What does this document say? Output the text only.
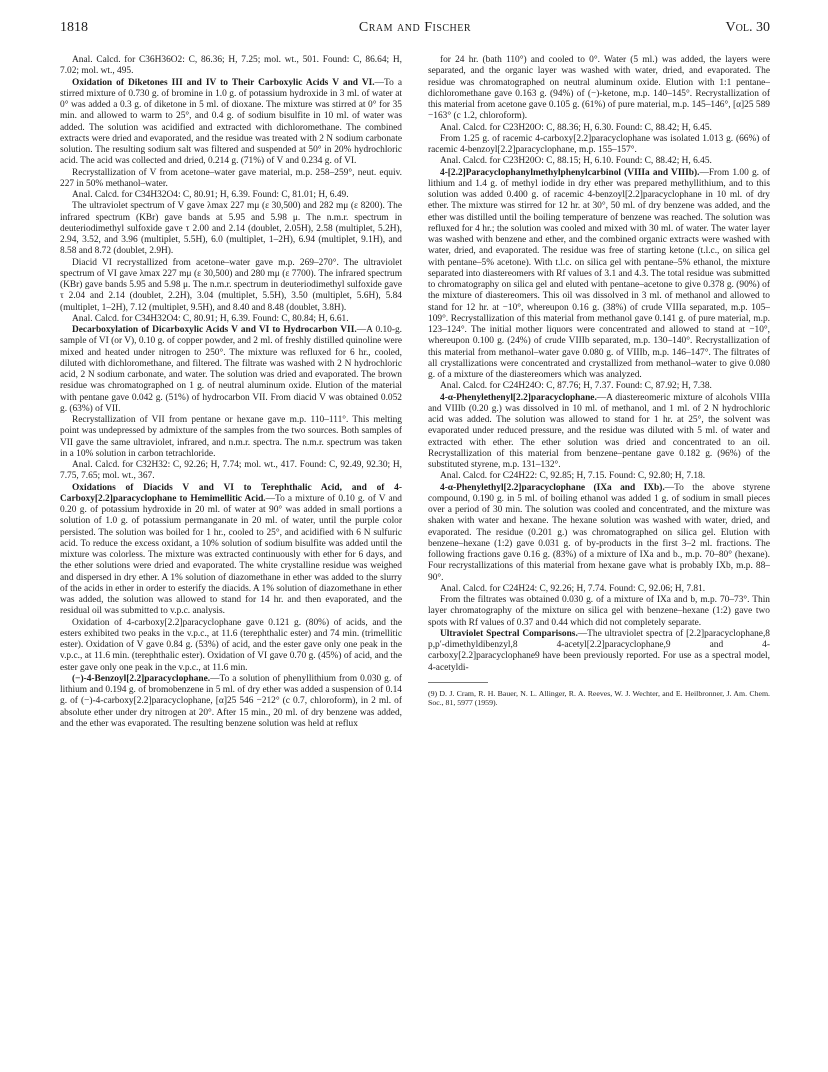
1818	Cram and Fischer	Vol. 30

Anal. Calcd. for C36H36O2: C, 86.36; H, 7.25; mol. wt., 501. Found: C, 86.64; H, 7.02; mol. wt., 495.

Oxidation of Diketones III and IV to Their Carboxylic Acids V and VI.—To a stirred mixture of 0.730 g. of bromine in 1.0 g. of potassium hydroxide in 3 ml. of water at 0° was added a 0.3 g. of diketone in 5 ml. of dioxane. The mixture was stirred at 0° for 35 min. and allowed to warm to 25°, and 0.4 g. of sodium bisulfite in 10 ml. of water was added. The solution was acidified and extracted with dichloromethane. The combined extracts were dried and evaporated, and the residue was treated with 2 N sodium carbonate solution. The resulting sodium salt was filtered and suspended at 50° in 20% hydrochloric acid. The acid was collected and dried, 0.214 g. (71%) of V and 0.234 g. of VI.

Recrystallization of V from acetone–water gave material, m.p. 258–259°, neut. equiv. 227 in 50% methanol–water.

Anal. Calcd. for C34H32O4: C, 80.91; H, 6.39. Found: C, 81.01; H, 6.49.

The ultraviolet spectrum of V gave λmax 227 mμ (ε 30,500) and 282 mμ (ε 8200). The infrared spectrum (KBr) gave bands at 5.95 and 5.98 μ. The n.m.r. spectrum in deuteriodimethyl sulfoxide gave τ 2.00 and 2.14 (doublet, 2.05H), 2.58 (multiplet, 5.2H), 2.94, 3.52, and 3.96 (multiplet, 5.5H), 6.0 (multiplet, 1–2H), 6.94 (multiplet, 9.1H), and 8.58 and 8.72 (doublet, 2.9H).

Diacid VI recrystallized from acetone–water gave m.p. 269–270°. The ultraviolet spectrum of VI gave λmax 227 mμ (ε 30,500) and 280 mμ (ε 7700). The infrared spectrum (KBr) gave bands 5.95 and 5.98 μ. The n.m.r. spectrum in deuteriodimethyl sulfoxide gave τ 2.04 and 2.14 (doublet, 2.2H), 3.04 (multiplet, 5.5H), 3.50 (multiplet, 5.6H), 5.84 (multiplet, 1–2H), 7.12 (multiplet, 9.5H), and 8.40 and 8.48 (doublet, 3.8H).

Anal. Calcd. for C34H32O4: C, 80.91; H, 6.39. Found: C, 80.84; H, 6.61.

Decarboxylation of Dicarboxylic Acids V and VI to Hydrocarbon VII.—A 0.10-g. sample of VI (or V), 0.10 g. of copper powder, and 2 ml. of freshly distilled quinoline were mixed and heated under nitrogen to 250°. The mixture was refluxed for 6 hr., cooled, diluted with dichloromethane, and filtered. The filtrate was washed with 2 N hydrochloric acid, 2 N sodium carbonate, and water. The solution was dried and evaporated. The brown residue was chromatographed on 1 g. of neutral aluminum oxide. Elution of the material with pentane gave 0.042 g. (51%) of hydrocarbon VII. From diacid V was obtained 0.052 g. (63%) of VII.

Recrystallization of VII from pentane or hexane gave m.p. 110–111°. This melting point was undepressed by admixture of the samples from the two sources. Both samples of VII gave the same ultraviolet, infrared, and n.m.r. spectra. The n.m.r. spectrum was taken in a 10% solution in carbon tetrachloride.

Anal. Calcd. for C32H32: C, 92.26; H, 7.74; mol. wt., 417. Found: C, 92.49, 92.30; H, 7.75, 7.65; mol. wt., 367.

Oxidations of Diacids V and VI to Terephthalic Acid, and of 4-Carboxy[2.2]paracyclophane to Hemimellitic Acid.—To a mixture of 0.10 g. of V and 0.20 g. of potassium hydroxide in 20 ml. of water at 90° was added in small portions a solution of 1.0 g. of potassium permanganate in 20 ml. of water, until the purple color persisted. The solution was boiled for 1 hr., cooled to 25°, and acidified with 6 N sulfuric acid. To reduce the excess oxidant, a 10% solution of sodium bisulfite was added until the mixture was colorless. The mixture was extracted continuously with ether for 6 days, and the ether solutions were dried and evaporated. The white crystalline residue was weighed and dispersed in dry ether. A 1% solution of diazomethane in ether was added to the slurry of the acids in ether in order to esterify the diacids. A 1% solution of diazomethane in ether was added, the solution was allowed to stand for 14 hr. and then evaporated, and the residual oil was submitted to v.p.c. analysis.

Oxidation of 4-carboxy[2.2]paracyclophane gave 0.121 g. (80%) of acids, and the esters exhibited two peaks in the v.p.c., at 11.6 (terephthalic ester) and 74 min. (trimellitic ester). Oxidation of V gave 0.84 g. (53%) of acid, and the ester gave only one peak in the v.p.c., at 11.6 min. (terephthalic ester). Oxidation of VI gave 0.70 g. (45%) of acid, and the ester gave only one peak in the v.p.c., at 11.6 min.

(−)-4-Benzoyl[2.2]paracyclophane.—To a solution of phenyllithium from 0.030 g. of lithium and 0.194 g. of bromobenzene in 5 ml. of dry ether was added a suspension of 0.14 g. of (−)-4-carboxy[2.2]paracyclophane, [α]25 546 −212° (c 0.7, chloroform), in 2 ml. of absolute ether under dry nitrogen at 20°. After 15 min., 20 ml. of dry benzene was added, and the ether was evaporated. The resulting benzene solution was held at reflux

for 24 hr. (bath 110°) and cooled to 0°. Water (5 ml.) was added, the layers were separated, and the organic layer was washed with water, dried, and evaporated. The residue was chromatographed on neutral aluminum oxide. Elution with 1:1 pentane–dichloromethane gave 0.163 g. (94%) of (−)-ketone, m.p. 140–145°. Recrystallization of this material from acetone gave 0.105 g. (61%) of pure material, m.p. 145–146°, [α]25 589 −163° (c 1.2, chloroform).

Anal. Calcd. for C23H20O: C, 88.36; H, 6.30. Found: C, 88.42; H, 6.45.

From 1.25 g. of racemic 4-carboxy[2.2]paracyclophane was isolated 1.013 g. (66%) of racemic 4-benzoyl[2.2]paracyclophane, m.p. 155–157°.

Anal. Calcd. for C23H20O: C, 88.15; H, 6.10. Found: C, 88.42; H, 6.45.

4-[2.2]Paracyclophanylmethylphenylcarbinol (VIIIa and VIIIb).—From 1.00 g. of lithium and 1.4 g. of methyl iodide in dry ether was prepared methyllithium, and to this solution was added 0.400 g. of racemic 4-benzoyl[2.2]paracyclophane in 10 ml. of dry ether. The mixture was stirred for 12 hr. at 30°, 50 ml. of dry benzene was added, and the ether was distilled until the boiling temperature of benzene was reached. The solution was refluxed for 4 hr.; the solution was cooled and mixed with 30 ml. of water. The water layer was washed with benzene and ether, and the combined organic extracts were washed with water, dried, and evaporated. The residue was free of starting ketone (t.l.c., on silica gel with pentane–5% acetone). With t.l.c. on silica gel with pentane–5% ethanol, the mixture separated into diastereomers with Rf values of 3.1 and 4.3. The total residue was submitted to chromatography on silica gel and eluted with pentane–acetone to give 0.378 g. (90%) of the mixture of diastereomers. This oil was dissolved in 3 ml. of methanol and allowed to stand for 12 hr. at −10°, whereupon 0.16 g. (38%) of crude VIIIa separated, m.p. 105–109°. Recrystallization of this material from methanol gave 0.141 g. of pure material, m.p. 123–124°. The initial mother liquors were concentrated and allowed to stand at −10°, whereupon 0.100 g. (24%) of crude VIIIb separated, m.p. 130–140°. Recrystallization of this material from methanol–water gave 0.080 g. of VIIIb, m.p. 146–147°. The filtrates of all crystallizations were concentrated and crystallized from methanol–water to give 0.080 g. of a mixture of the diastereomers which was analyzed.

Anal. Calcd. for C24H24O: C, 87.76; H, 7.37. Found: C, 87.92; H, 7.38.

4-α-Phenylethenyl[2.2]paracyclophane.—A diastereomeric mixture of alcohols VIIIa and VIIIb (0.20 g.) was dissolved in 10 ml. of methanol, and 1 ml. of 2 N hydrochloric acid was added. The solution was allowed to stand for 1 hr. at 25°, the solvent was evaporated under reduced pressure, and the residue was diluted with 5 ml. of water and extracted with ether. The ether solution was dried and concentrated to an oil. Recrystallization of this material from benzene–pentane gave 0.182 g. (96%) of the substituted styrene, m.p. 131–132°.

Anal. Calcd. for C24H22: C, 92.85; H, 7.15. Found: C, 92.80; H, 7.18.

4-α-Phenylethyl[2.2]paracyclophane (IXa and IXb).—To the above styrene compound, 0.190 g. in 5 ml. of boiling ethanol was added 1 g. of sodium in small pieces over a period of 30 min. The solution was cooled and concentrated, and the mixture was shaken with water and hexane. The hexane solution was washed with water, dried, and evaporated. The residue (0.201 g.) was chromatographed on silica gel. Elution with benzene–hexane (1:2) gave 0.031 g. of by-products in the first 3–2 ml. fractions. The following fractions gave 0.16 g. (83%) of a mixture of IXa and b., m.p. 70–80° (hexane). Four recrystallizations of this material from hexane gave what is probably IXb, m.p. 88–90°.

Anal. Calcd. for C24H24: C, 92.26; H, 7.74. Found: C, 92.06; H, 7.81.

From the filtrates was obtained 0.030 g. of a mixture of IXa and b, m.p. 70–73°. Thin layer chromatography of the mixture on silica gel with benzene–hexane (1:2) gave two spots with Rf values of 0.37 and 0.44 which did not completely separate.

Ultraviolet Spectral Comparisons.—The ultraviolet spectra of [2.2]paracyclophane,8 p,p′-dimethyldibenzyl,8 4-acetyl[2.2]paracyclophane,9 and 4-carboxy[2.2]paracyclophane9 have been previously reported. For use as a spectral model, 4-acetyldi-

(9) D. J. Cram, R. H. Bauer, N. L. Allinger, R. A. Reeves, W. J. Wechter, and E. Heilbronner, J. Am. Chem. Soc., 81, 5977 (1959).
